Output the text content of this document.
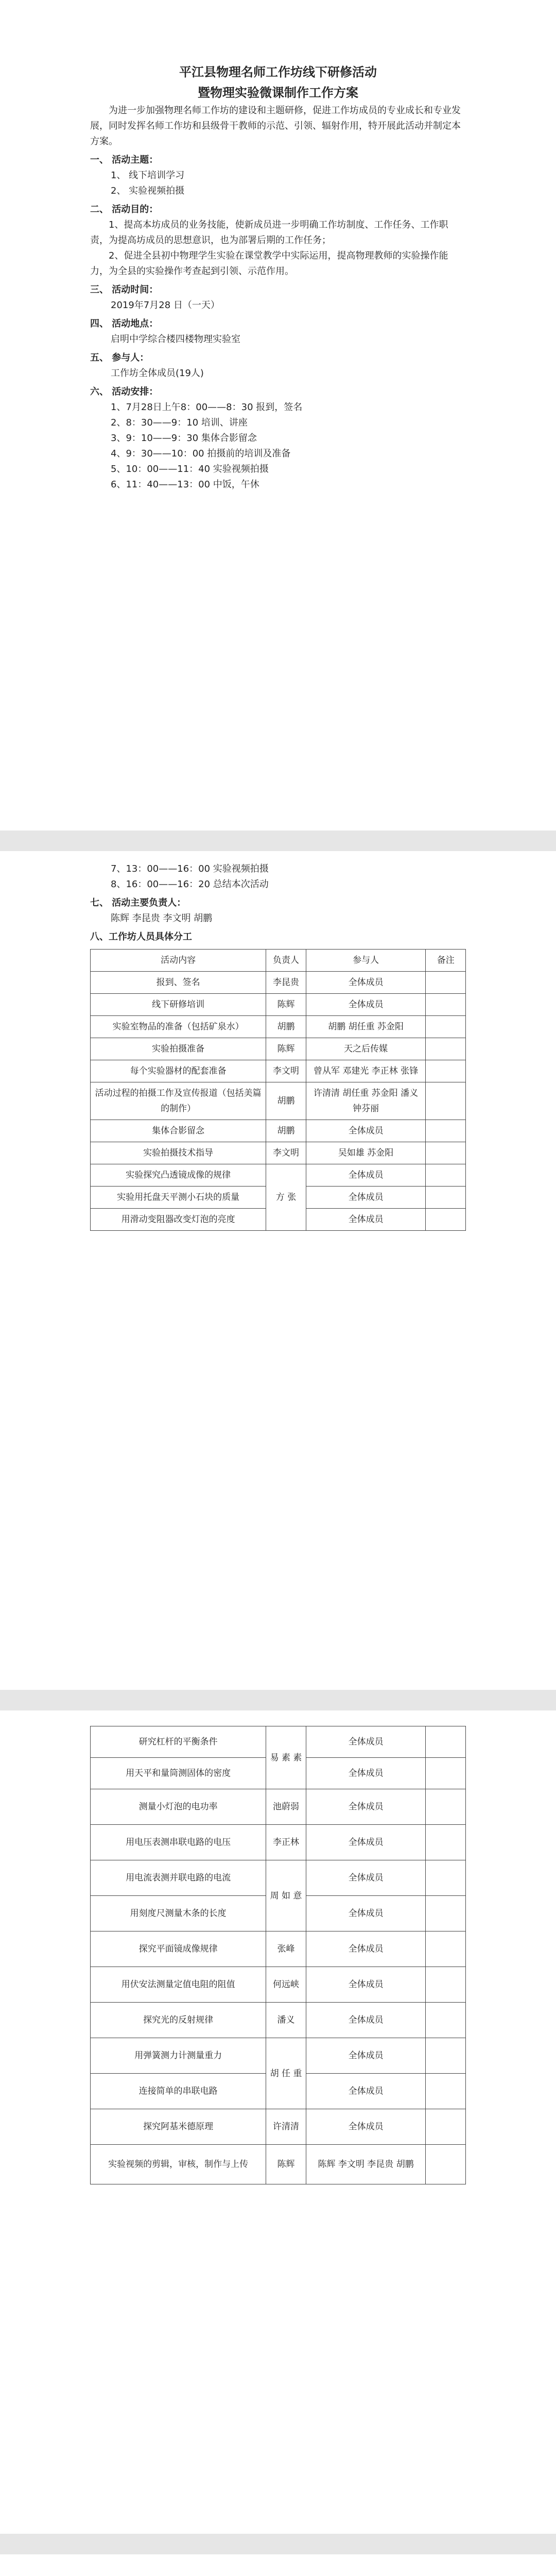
平江县物理名师工作坊线下研修活动
暨物理实验微课制作工作方案
为进一步加强物理名师工作坊的建设和主题研修，促进工作坊成员的专业成长和专业发展，同时发挥名师工作坊和县级骨干教师的示范、引领、辐射作用，特开展此活动并制定本方案。
一、 活动主题：
1、 线下培训学习
2、 实验视频拍摄
二、 活动目的：
1、提高本坊成员的业务技能，使新成员进一步明确工作坊制度、工作任务、工作职责，为提高坊成员的思想意识，也为部署后期的工作任务；
2、促进全县初中物理学生实验在课堂教学中实际运用，提高物理教师的实验操作能力，为全县的实验操作考查起到引领、示范作用。
三、 活动时间：
2019年7月28 日（一天）
四、 活动地点：
启明中学综合楼四楼物理实验室
五、 参与人：
工作坊全体成员(19人)
六、 活动安排：
1、7月28日上午8：00——8：30 报到，签名
2、8：30——9：10 培训、讲座
3、9：10——9：30 集体合影留念
4、9：30——10：00 拍摄前的培训及准备
5、10：00——11：40 实验视频拍摄
6、11：40——13：00 中饭，午休
7、13：00——16：00 实验视频拍摄
8、16：00——16：20 总结本次活动
七、 活动主要负责人：
陈辉 李昆贵 李文明 胡鹏
八、工作坊人员具体分工
活动内容	负责人	参与人	备注
报到、签名	李昆贵	全体成员	
线下研修培训	陈辉	全体成员	
实验室物品的准备（包括矿泉水）	胡鹏	胡鹏 胡任重 苏金阳	
实验拍摄准备	陈辉	天之后传媒	
每个实验器材的配套准备	李文明	曾从军 邓建光 李正林 张锋	
活动过程的拍摄工作及宣传报道（包括美篇的制作）	胡鹏	许清清 胡任重 苏金阳 潘义 钟芬丽	
集体合影留念	胡鹏	全体成员	
实验拍摄技术指导	李文明	吴如雄 苏金阳	
实验探究凸透镜成像的规律	方 张	全体成员	
实验用托盘天平测小石块的质量		全体成员	
用滑动变阻器改变灯泡的亮度		全体成员	
研究杠杆的平衡条件	易 素 素	全体成员	
用天平和量筒测固体的密度		全体成员	
测量小灯泡的电功率	池蔚弱	全体成员	
用电压表测串联电路的电压	李正林	全体成员	
用电流表测并联电路的电流	周 如 意	全体成员	
用刻度尺测量木条的长度		全体成员	
探究平面镜成像规律	张峰	全体成员	
用伏安法测量定值电阻的阻值	何远峡	全体成员	
探究光的反射规律	潘义	全体成员	
用弹簧测力计测量重力	胡 任 重	全体成员	
连接简单的串联电路		全体成员	
探究阿基米德原理	许清清	全体成员	
实验视频的剪辑，审核，制作与上传	陈辉	陈辉 李文明 李昆贵 胡鹏	
